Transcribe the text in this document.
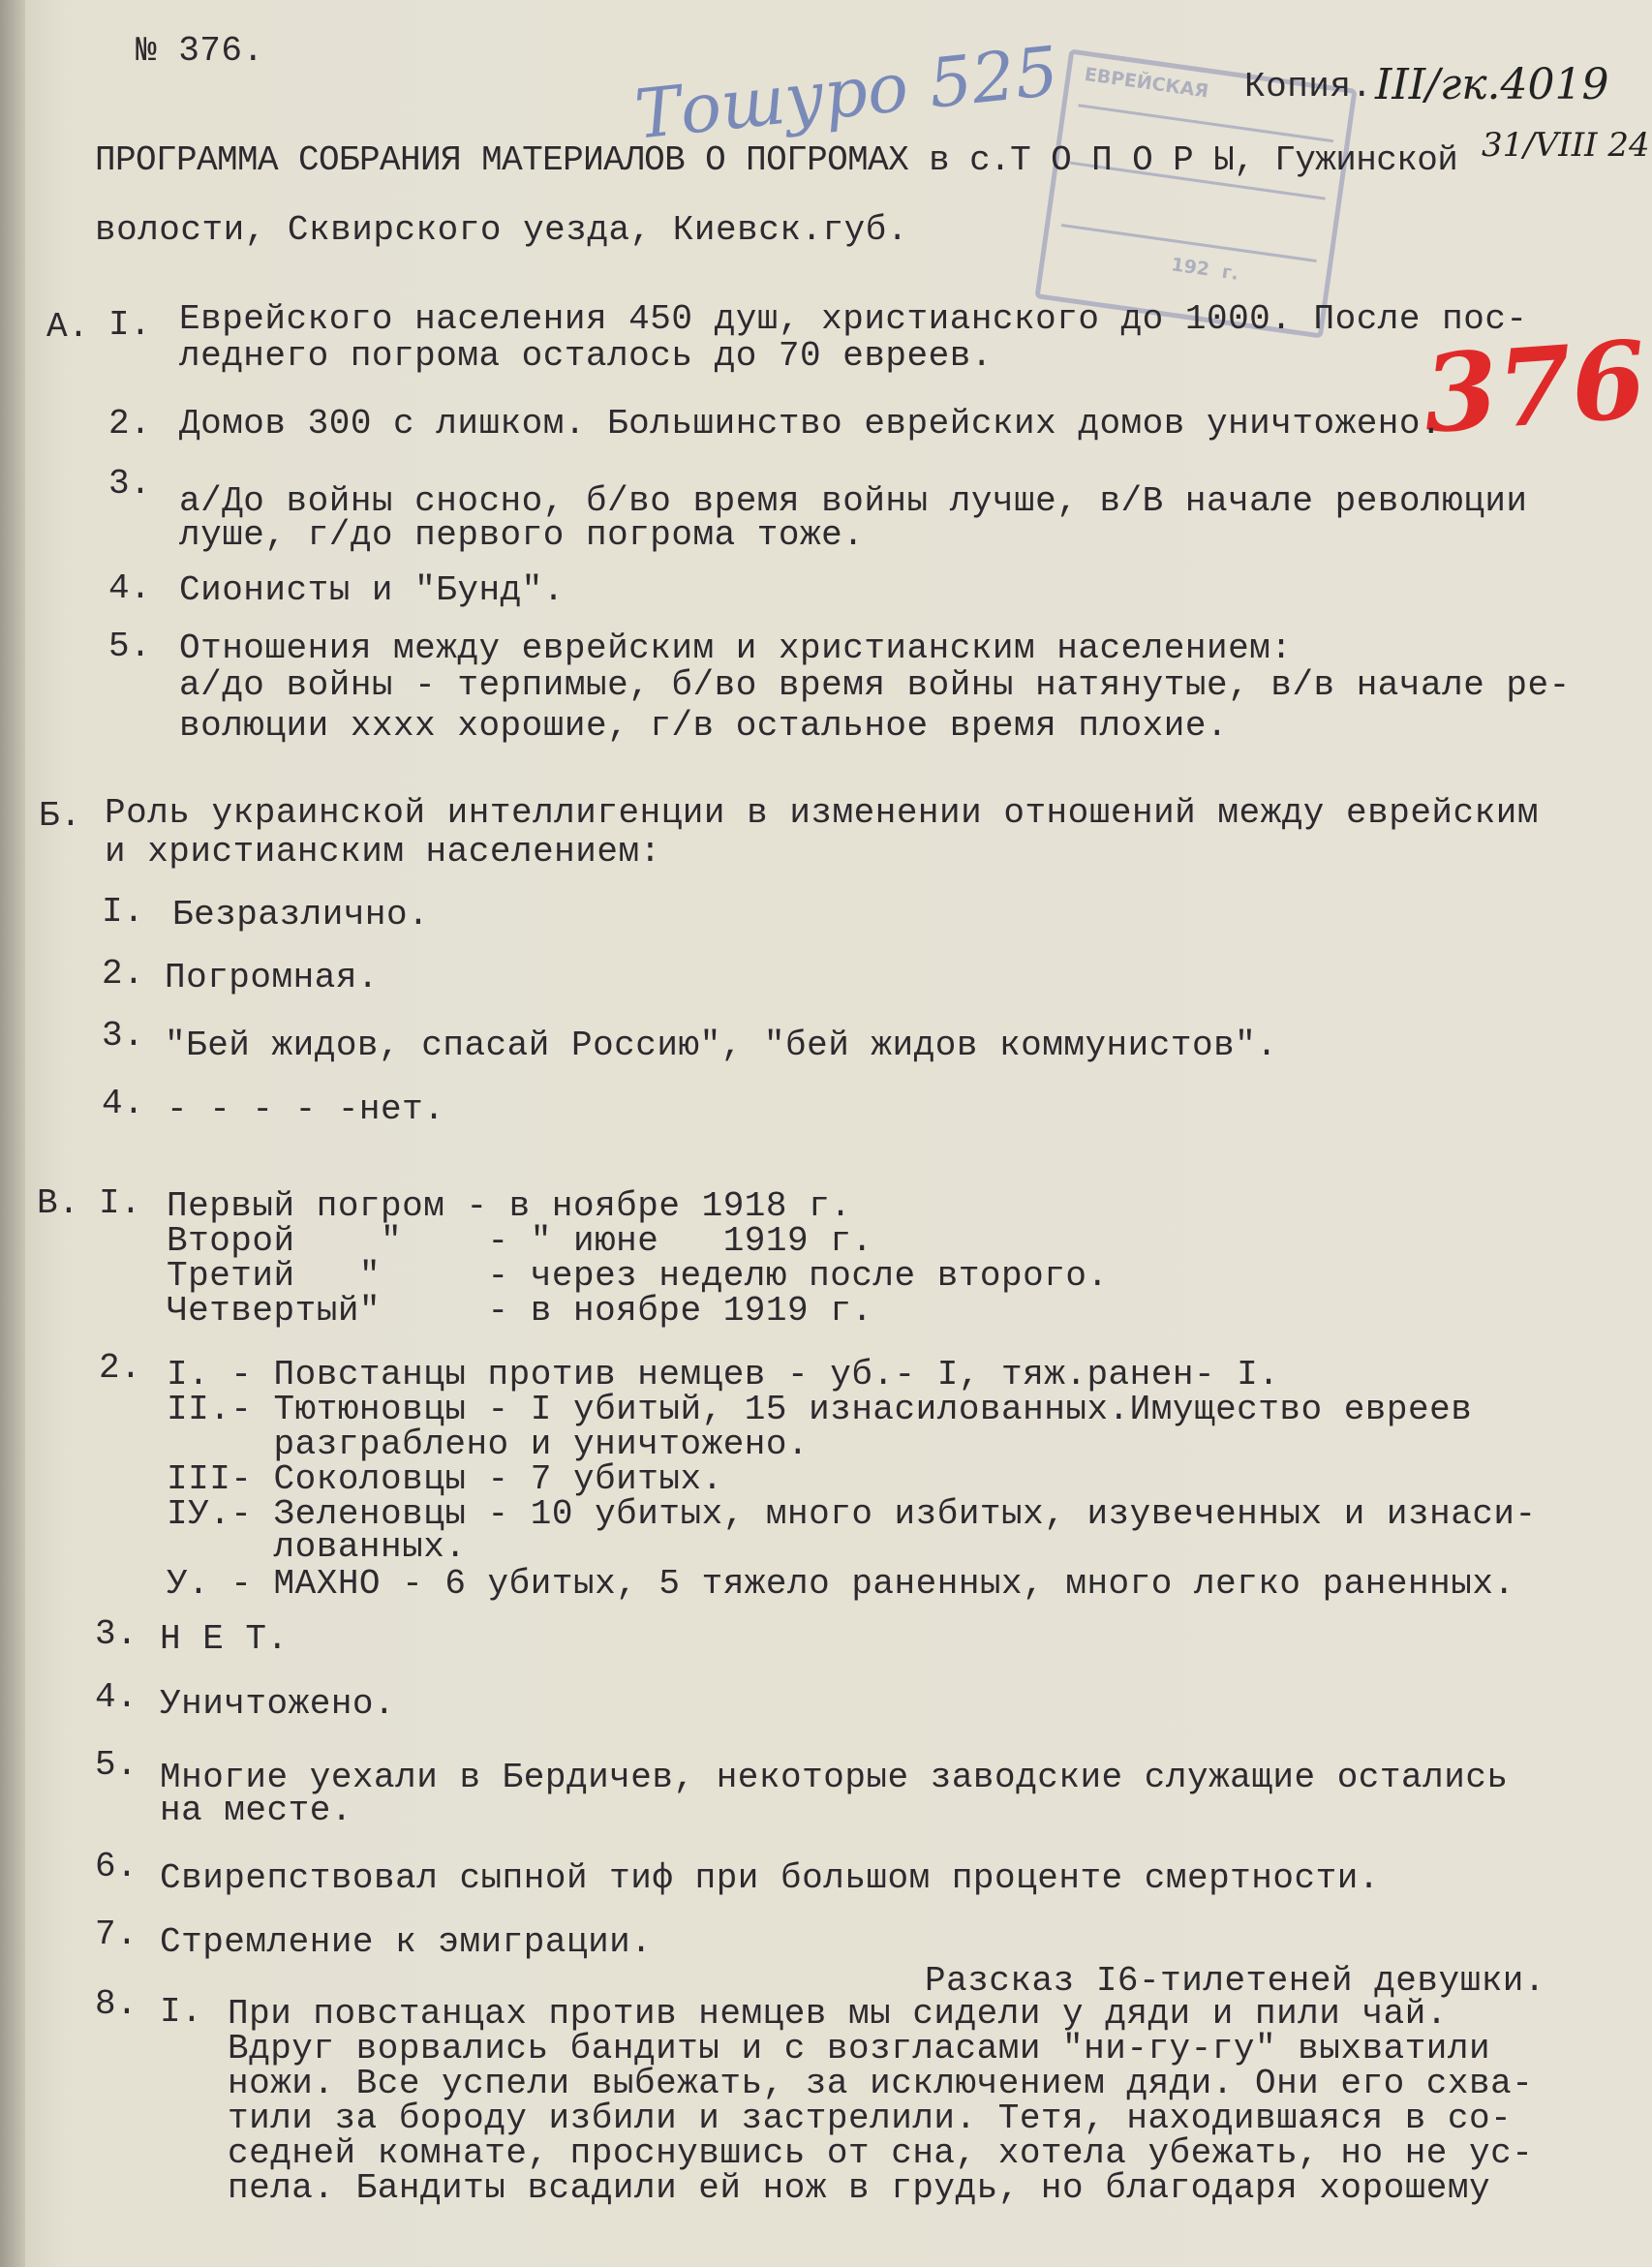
ЕВРЕЙСКАЯ
192  г.
№ 376.	Тошуро 525	Копия. III/гк.4019
31/VIII 24
376
ПРОГРАММА СОБРАНИЯ МАТЕРИАЛОВ О ПОГРОМАХ в с.Т О П О Р Ы, Гужинской
волости, Сквирского уезда, Киевск.губ.
А. I. Еврейского населения 450 душ, христианского до 1000. После пос-
леднего погрома осталось до 70 евреев.
2. Домов 300 с лишком. Большинство еврейских домов уничтожено.
3. а/До войны сносно, б/во время войны лучше, в/В начале революции
луше, г/до первого погрома тоже.
4. Сионисты и "Бунд".
5. Отношения между еврейским и христианским населением:
а/до войны - терпимые, б/во время войны натянутые, в/в начале ре-
волюции хххх хорошие, г/в остальное время плохие.
Б. Роль украинской интеллигенции в изменении отношений между еврейским
и христианским населением:
I. Безразлично.
2. Погромная.
3. "Бей жидов, спасай Россию", "бей жидов коммунистов".
4. - - - - -нет.
В. I. Первый погром - в ноябре 1918 г.
Второй    "    - " июне   1919 г.
Третий   "     - через неделю после второго.
Четвертый"     - в ноябре 1919 г.
2. I. - Повстанцы против немцев - уб.- I, тяж.ранен- I.
II.- Тютюновцы - I убитый, 15 изнасилованных.Имущество евреев
разграблено и уничтожено.
III- Соколовцы - 7 убитых.
IУ.- Зеленовцы - 10 убитых, много избитых, изувеченных и изнаси-
лованных.
У. - МАХНО - 6 убитых, 5 тяжело раненных, много легко раненных.
3. Н Е Т.
4. Уничтожено.
5. Многие уехали в Бердичев, некоторые заводские служащие остались
на месте.
6. Свирепствовал сыпной тиф при большом проценте смертности.
7. Стремление к эмиграции.
Разсказ I6-тилетеней девушки.
8. I. При повстанцах против немцев мы сидели у дяди и пили чай.
Вдруг ворвались бандиты и с возгласами "ни-гу-гу" выхватили
ножи. Все успели выбежать, за исключением дяди. Они его схва-
тили за бороду избили и застрелили. Тетя, находившаяся в со-
седней комнате, проснувшись от сна, хотела убежать, но не ус-
пела. Бандиты всадили ей нож в грудь, но благодаря хорошему
